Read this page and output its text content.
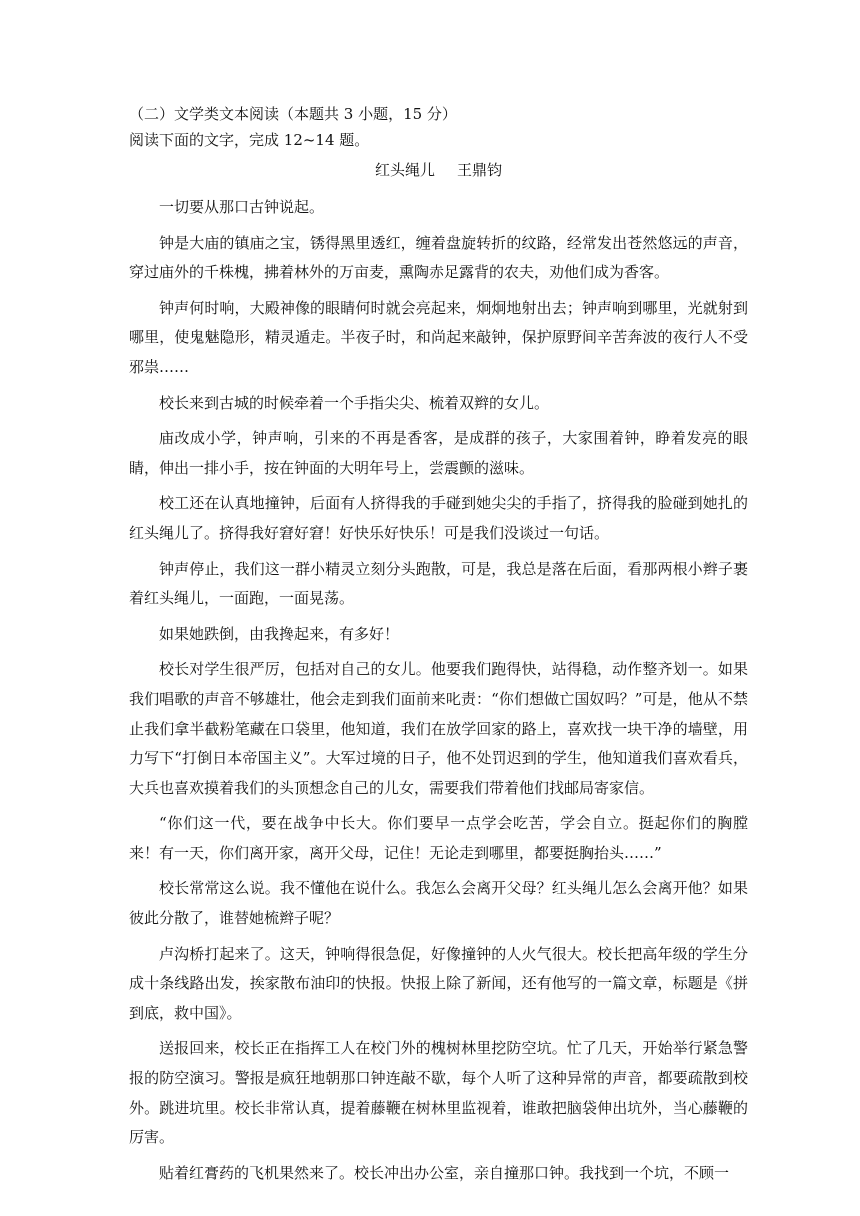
（二）文学类文本阅读（本题共 3 小题，15 分）
阅读下面的文字，完成 12~14 题。
红头绳儿 王鼎钧
一切要从那口古钟说起。
钟是大庙的镇庙之宝，锈得黑里透红，缠着盘旋转折的纹路，经常发出苍然悠远的声音，穿过庙外的千株槐，拂着林外的万亩麦，熏陶赤足露背的农夫，劝他们成为香客。
钟声何时响，大殿神像的眼睛何时就会亮起来，炯炯地射出去；钟声响到哪里，光就射到哪里，使鬼魅隐形，精灵遁走。半夜子时，和尚起来敲钟，保护原野间辛苦奔波的夜行人不受邪祟……
校长来到古城的时候牵着一个手指尖尖、梳着双辫的女儿。
庙改成小学，钟声响，引来的不再是香客，是成群的孩子，大家围着钟，睁着发亮的眼睛，伸出一排小手，按在钟面的大明年号上，尝震颤的滋味。
校工还在认真地撞钟，后面有人挤得我的手碰到她尖尖的手指了，挤得我的脸碰到她扎的红头绳儿了。挤得我好窘好窘！好快乐好快乐！可是我们没谈过一句话。
钟声停止，我们这一群小精灵立刻分头跑散，可是，我总是落在后面，看那两根小辫子裹着红头绳儿，一面跑，一面晃荡。
如果她跌倒，由我搀起来，有多好！
校长对学生很严厉，包括对自己的女儿。他要我们跑得快，站得稳，动作整齐划一。如果我们唱歌的声音不够雄壮，他会走到我们面前来叱责：“你们想做亡国奴吗？”可是，他从不禁止我们拿半截粉笔藏在口袋里，他知道，我们在放学回家的路上，喜欢找一块干净的墙壁，用力写下“打倒日本帝国主义”。大军过境的日子，他不处罚迟到的学生，他知道我们喜欢看兵，大兵也喜欢摸着我们的头顶想念自己的儿女，需要我们带着他们找邮局寄家信。
“你们这一代，要在战争中长大。你们要早一点学会吃苦，学会自立。挺起你们的胸膛来！有一天，你们离开家，离开父母，记住！无论走到哪里，都要挺胸抬头……”
校长常常这么说。我不懂他在说什么。我怎么会离开父母？红头绳儿怎么会离开他？如果彼此分散了，谁替她梳辫子呢？
卢沟桥打起来了。这天，钟响得很急促，好像撞钟的人火气很大。校长把高年级的学生分成十条线路出发，挨家散布油印的快报。快报上除了新闻，还有他写的一篇文章，标题是《拼到底，救中国》。
送报回来，校长正在指挥工人在校门外的槐树林里挖防空坑。忙了几天，开始举行紧急警报的防空演习。警报是疯狂地朝那口钟连敲不歇，每个人听了这种异常的声音，都要疏散到校外。跳进坑里。校长非常认真，提着藤鞭在树林里监视着，谁敢把脑袋伸出坑外，当心藤鞭的厉害。
贴着红膏药的飞机果然来了。校长冲出办公室，亲自撞那口钟。我找到一个坑，不顾一
